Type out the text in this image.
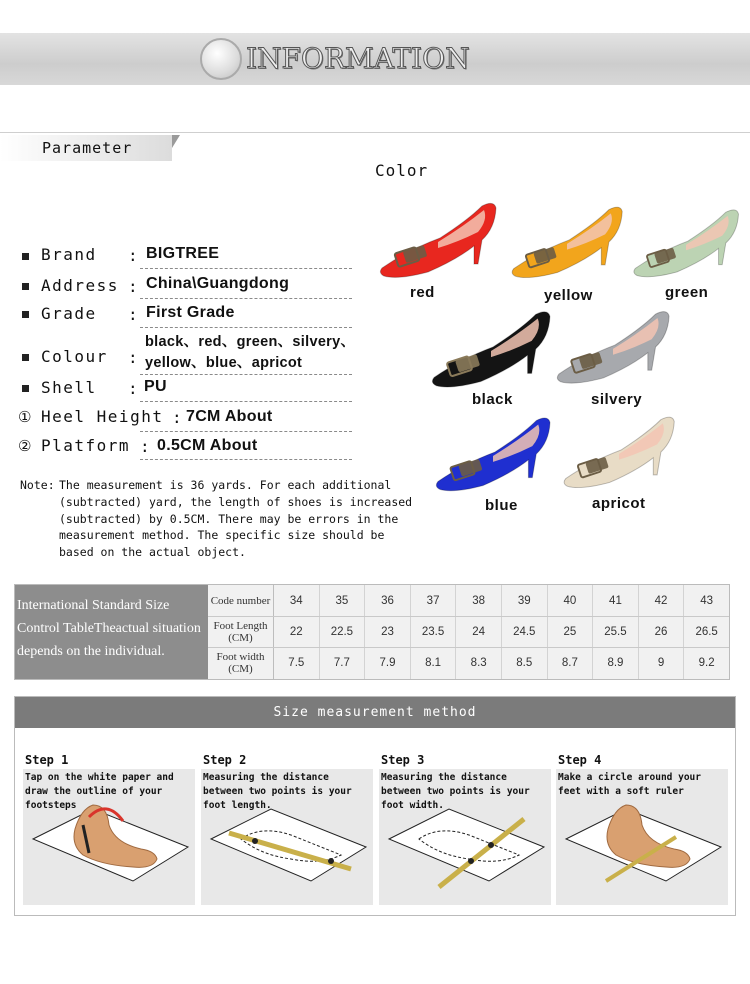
INFORMATION
Parameter
Brand : BIGTREE
Address : China\Guangdong
Grade : First Grade
Colour :
black、red、green、silvery、
yellow、blue、apricot
Shell : PU
① Heel Height : 7CM About
② Platform : 0.5CM About
Note: The measurement is 36 yards. For each additional
(subtracted) yard, the length of shoes is increased
(subtracted) by 0.5CM. There may be errors in the
measurement method. The specific size should be
based on the actual object.
Color
red	yellow	green
black	silvery
blue	apricot
International Standard Size
Control TableTheactual situation
depends on the individual.
Code number	34	35	36	37	38	39	40	41	42	43
Foot Length (CM)	22	22.5	23	23.5	24	24.5	25	25.5	26	26.5
Foot width (CM)	7.5	7.7	7.9	8.1	8.3	8.5	8.7	8.9	9	9.2
Size measurement method
Step 1
Tap on the white paper and draw the outline of your footsteps
Step 2
Measuring the distance between two points is your foot length.
Step 3
Measuring the distance between two points is your foot width.
Step 4
Make a circle around your feet with a soft ruler
